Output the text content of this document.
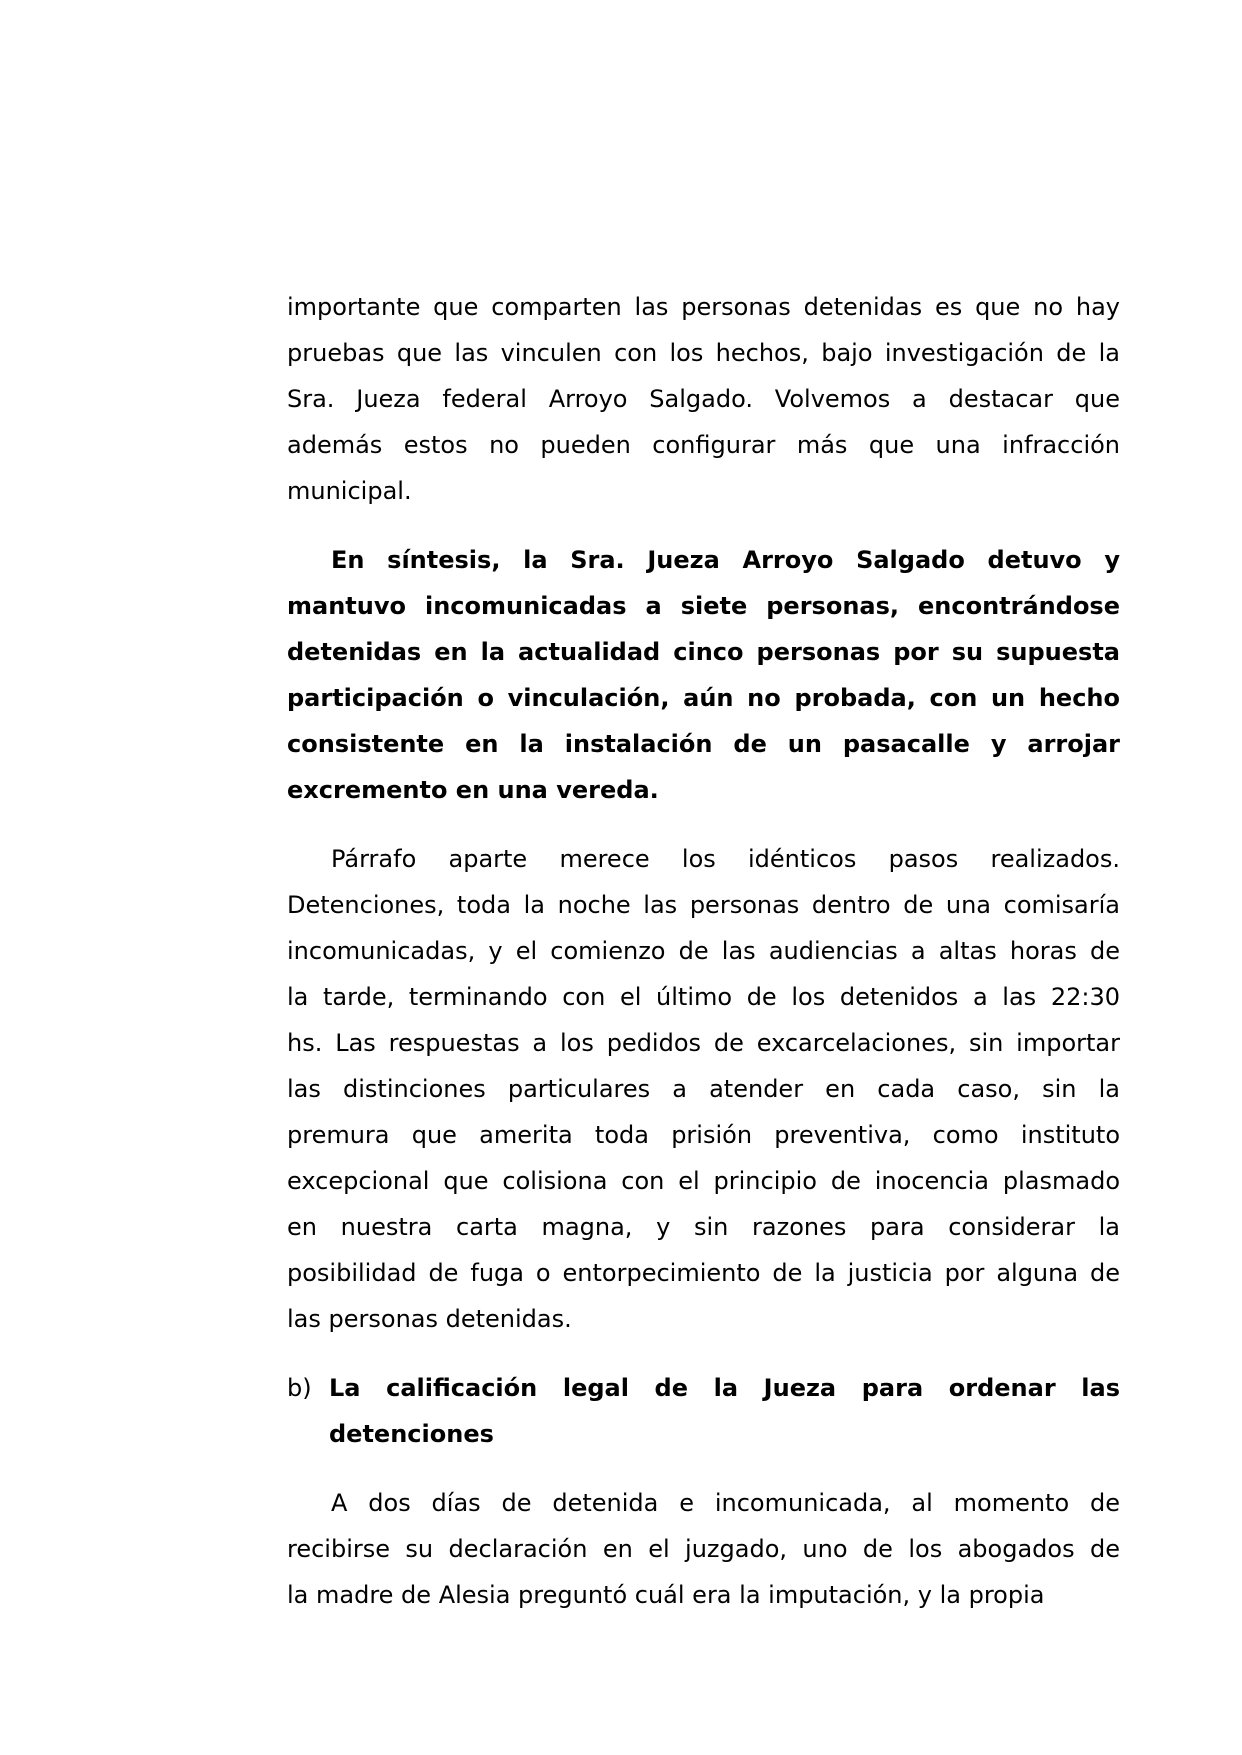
importante que comparten las personas detenidas es que no hay
pruebas que las vinculen con los hechos, bajo investigación de la
Sra. Jueza federal Arroyo Salgado. Volvemos a destacar que
además estos no pueden configurar más que una infracción
municipal.
En síntesis, la Sra. Jueza Arroyo Salgado detuvo y
mantuvo incomunicadas a siete personas, encontrándose
detenidas en la actualidad cinco personas por su supuesta
participación o vinculación, aún no probada, con un hecho
consistente en la instalación de un pasacalle y arrojar
excremento en una vereda.
Párrafo aparte merece los idénticos pasos realizados.
Detenciones, toda la noche las personas dentro de una comisaría
incomunicadas, y el comienzo de las audiencias a altas horas de
la tarde, terminando con el último de los detenidos a las 22:30
hs. Las respuestas a los pedidos de excarcelaciones, sin importar
las distinciones particulares a atender en cada caso, sin la
premura que amerita toda prisión preventiva, como instituto
excepcional que colisiona con el principio de inocencia plasmado
en nuestra carta magna, y sin razones para considerar la
posibilidad de fuga o entorpecimiento de la justicia por alguna de
las personas detenidas.
b) La calificación legal de la Jueza para ordenar las
detenciones
A dos días de detenida e incomunicada, al momento de
recibirse su declaración en el juzgado, uno de los abogados de
la madre de Alesia preguntó cuál era la imputación, y la propia
